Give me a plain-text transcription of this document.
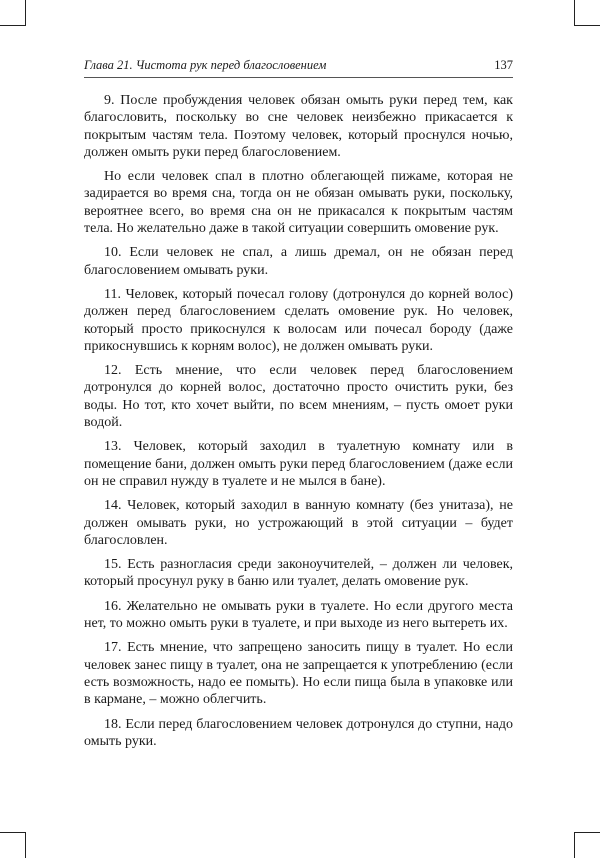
Глава 21. Чистота рук перед благословением	137

9. После пробуждения человек обязан омыть руки перед тем, как благословить, поскольку во сне человек неизбежно прикасается к покрытым частям тела. Поэтому человек, который проснулся ночью, должен омыть руки перед благословением.

Но если человек спал в плотно облегающей пижаме, которая не задирается во время сна, тогда он не обязан омывать руки, поскольку, вероятнее всего, во время сна он не прикасался к покрытым частям тела. Но желательно даже в такой ситуации совершить омовение рук.

10. Если человек не спал, а лишь дремал, он не обязан перед благословением омывать руки.

11. Человек, который почесал голову (дотронулся до корней волос) должен перед благословением сделать омовение рук. Но человек, который просто прикоснулся к волосам или почесал бороду (даже прикоснувшись к корням волос), не должен омывать руки.

12. Есть мнение, что если человек перед благословением дотронулся до корней волос, достаточно просто очистить руки, без воды. Но тот, кто хочет выйти, по всем мнениям, – пусть омоет руки водой.

13. Человек, который заходил в туалетную комнату или в помещение бани, должен омыть руки перед благословением (даже если он не справил нужду в туалете и не мылся в бане).

14. Человек, который заходил в ванную комнату (без унитаза), не должен омывать руки, но устрожающий в этой ситуации – будет благословлен.

15. Есть разногласия среди законоучителей, – должен ли человек, который просунул руку в баню или туалет, делать омовение рук.

16. Желательно не омывать руки в туалете. Но если другого места нет, то можно омыть руки в туалете, и при выходе из него вытереть их.

17. Есть мнение, что запрещено заносить пищу в туалет. Но если человек занес пищу в туалет, она не запрещается к употреблению (если есть возможность, надо ее помыть). Но если пища была в упаковке или в кармане, – можно облегчить.

18. Если перед благословением человек дотронулся до ступни, надо омыть руки.
